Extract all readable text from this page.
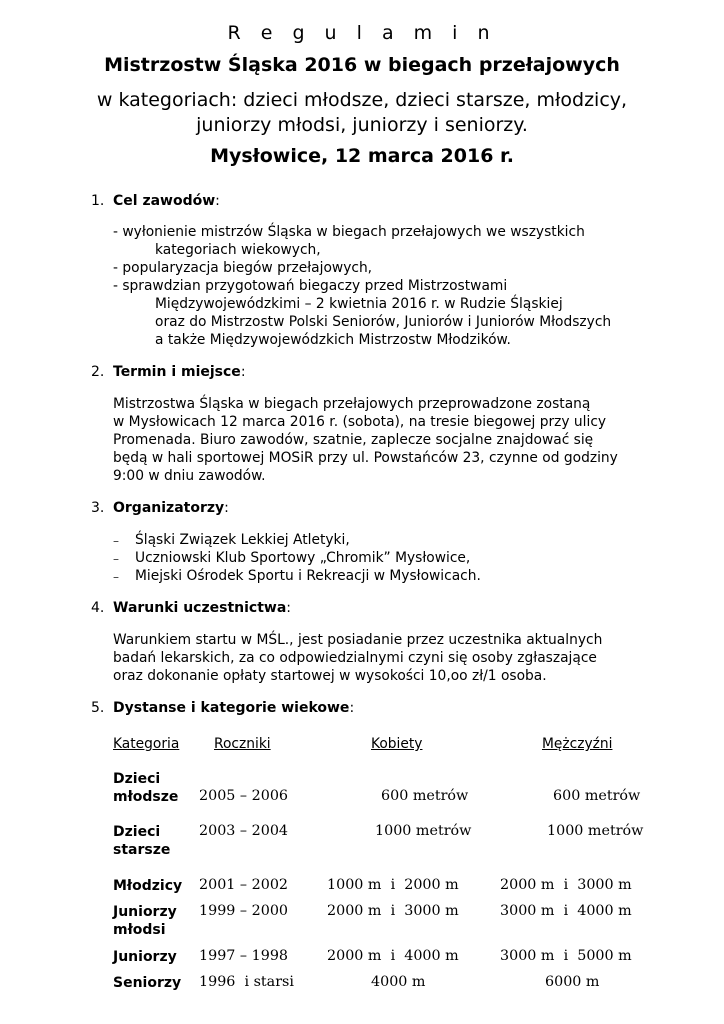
R e g u l a m i n
Mistrzostw Śląska 2016 w biegach przełajowych
w kategoriach: dzieci młodsze, dzieci starsze, młodzicy,
juniorzy młodsi, juniorzy i seniorzy.
Mysłowice, 12 marca 2016 r.
1. Cel zawodów:
- wyłonienie mistrzów Śląska w biegach przełajowych we wszystkich
kategoriach wiekowych,
- popularyzacja biegów przełajowych,
- sprawdzian przygotowań biegaczy przed Mistrzostwami
Międzywojewódzkimi – 2 kwietnia 2016 r. w Rudzie Śląskiej
oraz do Mistrzostw Polski Seniorów, Juniorów i Juniorów Młodszych
a także Międzywojewódzkich Mistrzostw Młodzików.
2. Termin i miejsce:
Mistrzostwa Śląska w biegach przełajowych przeprowadzone zostaną
w Mysłowicach 12 marca 2016 r. (sobota), na tresie biegowej przy ulicy
Promenada. Biuro zawodów, szatnie, zaplecze socjalne znajdować się
będą w hali sportowej MOSiR przy ul. Powstańców 23, czynne od godziny
9:00 w dniu zawodów.
3. Organizatorzy:
– Śląski Związek Lekkiej Atletyki,
– Uczniowski Klub Sportowy „Chromik” Mysłowice,
– Miejski Ośrodek Sportu i Rekreacji w Mysłowicach.
4. Warunki uczestnictwa:
Warunkiem startu w MŚL., jest posiadanie przez uczestnika aktualnych
badań lekarskich, za co odpowiedzialnymi czyni się osoby zgłaszające
oraz dokonanie opłaty startowej w wysokości 10,oo zł/1 osoba.
5. Dystanse i kategorie wiekowe:
Kategoria	Roczniki	Kobiety	Mężczyźni
Dzieci
młodsze 2005 – 2006	600 metrów	600 metrów
Dzieci
starsze
2003 – 2004	1000 metrów	1000 metrów
Młodzicy 2001 – 2002	1000 m  i  2000 m	2000 m  i  3000 m
Juniorzy
młodsi
1999 – 2000	2000 m  i  3000 m	3000 m  i  4000 m
Juniorzy 1997 – 1998	2000 m  i  4000 m	3000 m  i  5000 m
Seniorzy 1996  i starsi	4000 m	6000 m
